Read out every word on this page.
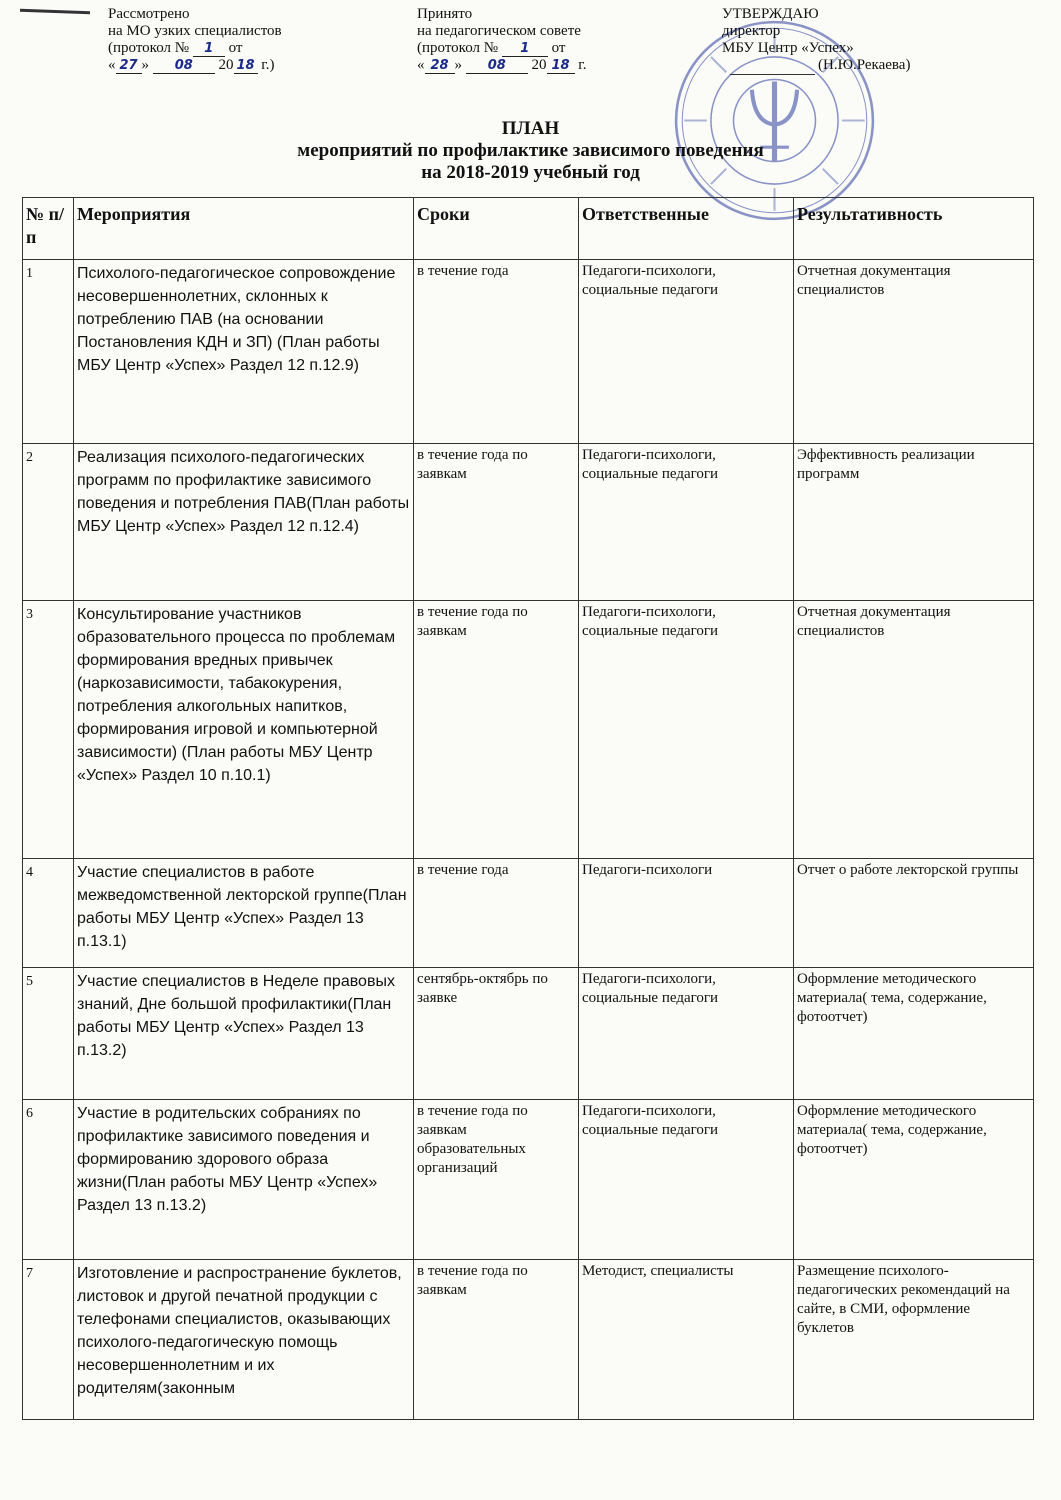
Рассмотрено
на МО узких специалистов
(протокол № 1 от
« 27 » 08 20 18 г.)
Принято
на педагогическом совете
(протокол № 1 от
« 28 » 08 20 18 г.
УТВЕРЖДАЮ
директор
МБУ Центр «Успех»
(Н.Ю.Рекаева)
ПЛАН
мероприятий по профилактике зависимого поведения
на 2018-2019 учебный год
№ п/п	Мероприятия	Сроки	Ответственные	Результативность
1	Психолого-педагогическое сопровождение несовершеннолетних, склонных к потреблению ПАВ (на основании Постановления КДН и ЗП) (План работы МБУ Центр «Успех» Раздел 12 п.12.9)	в течение года	Педагоги-психологи, социальные педагоги	Отчетная документация специалистов
2	Реализация психолого-педагогических программ по профилактике зависимого поведения и потребления ПАВ(План работы МБУ Центр «Успех» Раздел 12 п.12.4)	в течение года по заявкам	Педагоги-психологи, социальные педагоги	Эффективность реализации программ
3	Консультирование участников образовательного процесса по проблемам формирования вредных привычек (наркозависимости, табакокурения, потребления алкогольных напитков, формирования игровой и компьютерной зависимости) (План работы МБУ Центр «Успех» Раздел 10 п.10.1)	в течение года по заявкам	Педагоги-психологи, социальные педагоги	Отчетная документация специалистов
4	Участие специалистов в работе межведомственной лекторской группе(План работы МБУ Центр «Успех» Раздел 13 п.13.1)	в течение года	Педагоги-психологи	Отчет о работе лекторской группы
5	Участие специалистов в Неделе правовых знаний, Дне большой профилактики(План работы МБУ Центр «Успех» Раздел 13 п.13.2)	сентябрь-октябрь по заявке	Педагоги-психологи, социальные педагоги	Оформление методического материала( тема, содержание, фотоотчет)
6	Участие в родительских собраниях по профилактике зависимого поведения и формированию здорового образа жизни(План работы МБУ Центр «Успех» Раздел 13 п.13.2)	в течение года по заявкам образовательных организаций	Педагоги-психологи, социальные педагоги	Оформление методического материала( тема, содержание, фотоотчет)
7	Изготовление и распространение буклетов, листовок и другой печатной продукции с телефонами специалистов, оказывающих психолого-педагогическую помощь несовершеннолетним и их родителям(законным	в течение года по заявкам	Методист, специалисты	Размещение психолого-педагогических рекомендаций на сайте, в СМИ, оформление буклетов
